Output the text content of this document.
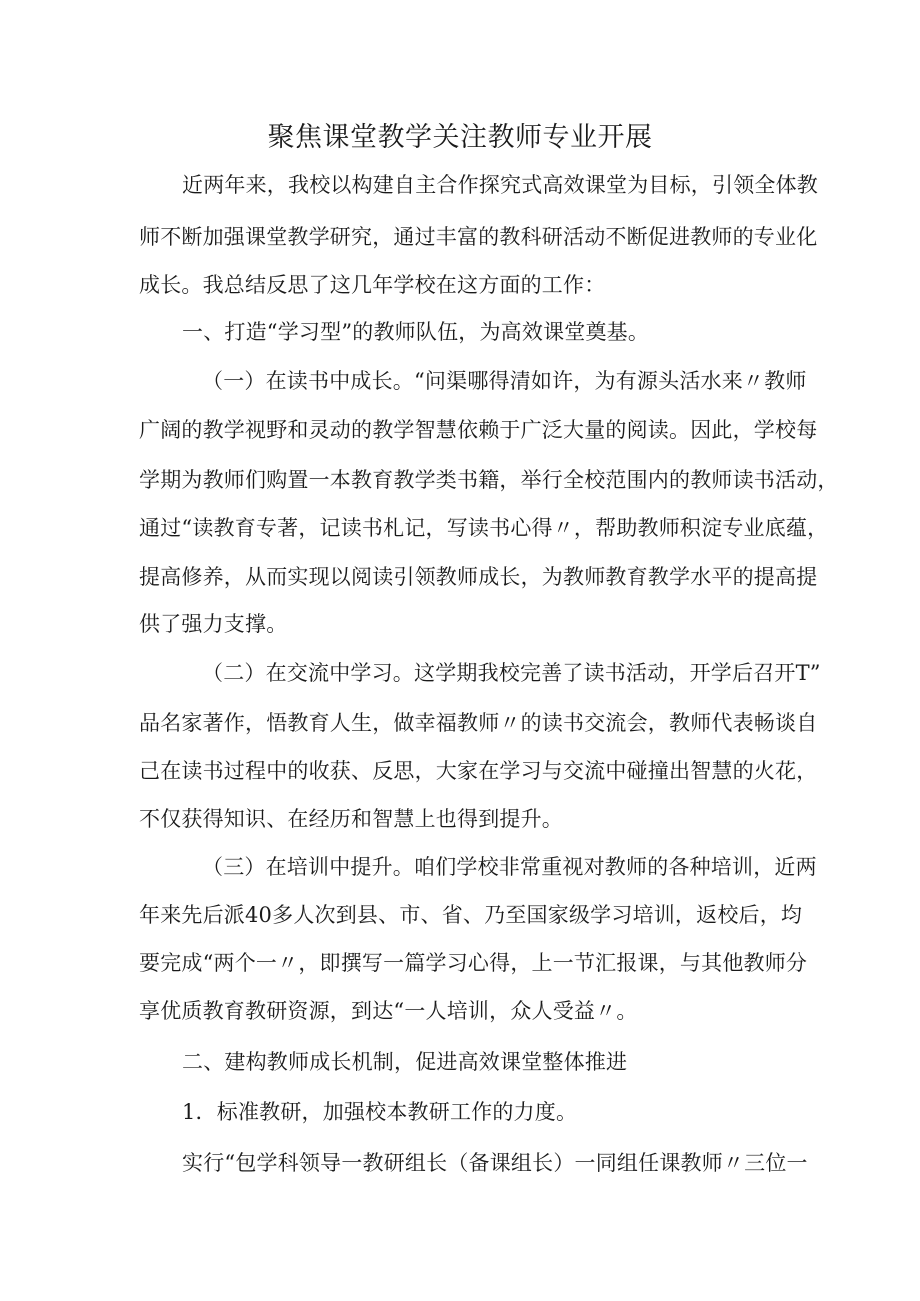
聚焦课堂教学关注教师专业开展
近两年来，我校以构建自主合作探究式高效课堂为目标，引领全体教
师不断加强课堂教学研究，通过丰富的教科研活动不断促进教师的专业化
成长。我总结反思了这几年学校在这方面的工作：
一、打造“学习型”的教师队伍，为高效课堂奠基。
（一）在读书中成长。“问渠哪得清如许，为有源头活水来〃教师
广阔的教学视野和灵动的教学智慧依赖于广泛大量的阅读。因此，学校每
学期为教师们购置一本教育教学类书籍，举行全校范围内的教师读书活动，
通过“读教育专著，记读书札记，写读书心得〃，帮助教师积淀专业底蕴，
提高修养，从而实现以阅读引领教师成长，为教师教育教学水平的提高提
供了强力支撑。
（二）在交流中学习。这学期我校完善了读书活动，开学后召开T”
品名家著作，悟教育人生，做幸福教师〃的读书交流会，教师代表畅谈自
己在读书过程中的收获、反思，大家在学习与交流中碰撞出智慧的火花，
不仅获得知识、在经历和智慧上也得到提升。
（三）在培训中提升。咱们学校非常重视对教师的各种培训，近两
年来先后派40多人次到县、市、省、乃至国家级学习培训，返校后，均
要完成“两个一〃，即撰写一篇学习心得，上一节汇报课，与其他教师分
享优质教育教研资源，到达“一人培训，众人受益〃。
二、建构教师成长机制，促进高效课堂整体推进
1．标准教研，加强校本教研工作的力度。
实行“包学科领导一教研组长（备课组长）一同组任课教师〃三位一
